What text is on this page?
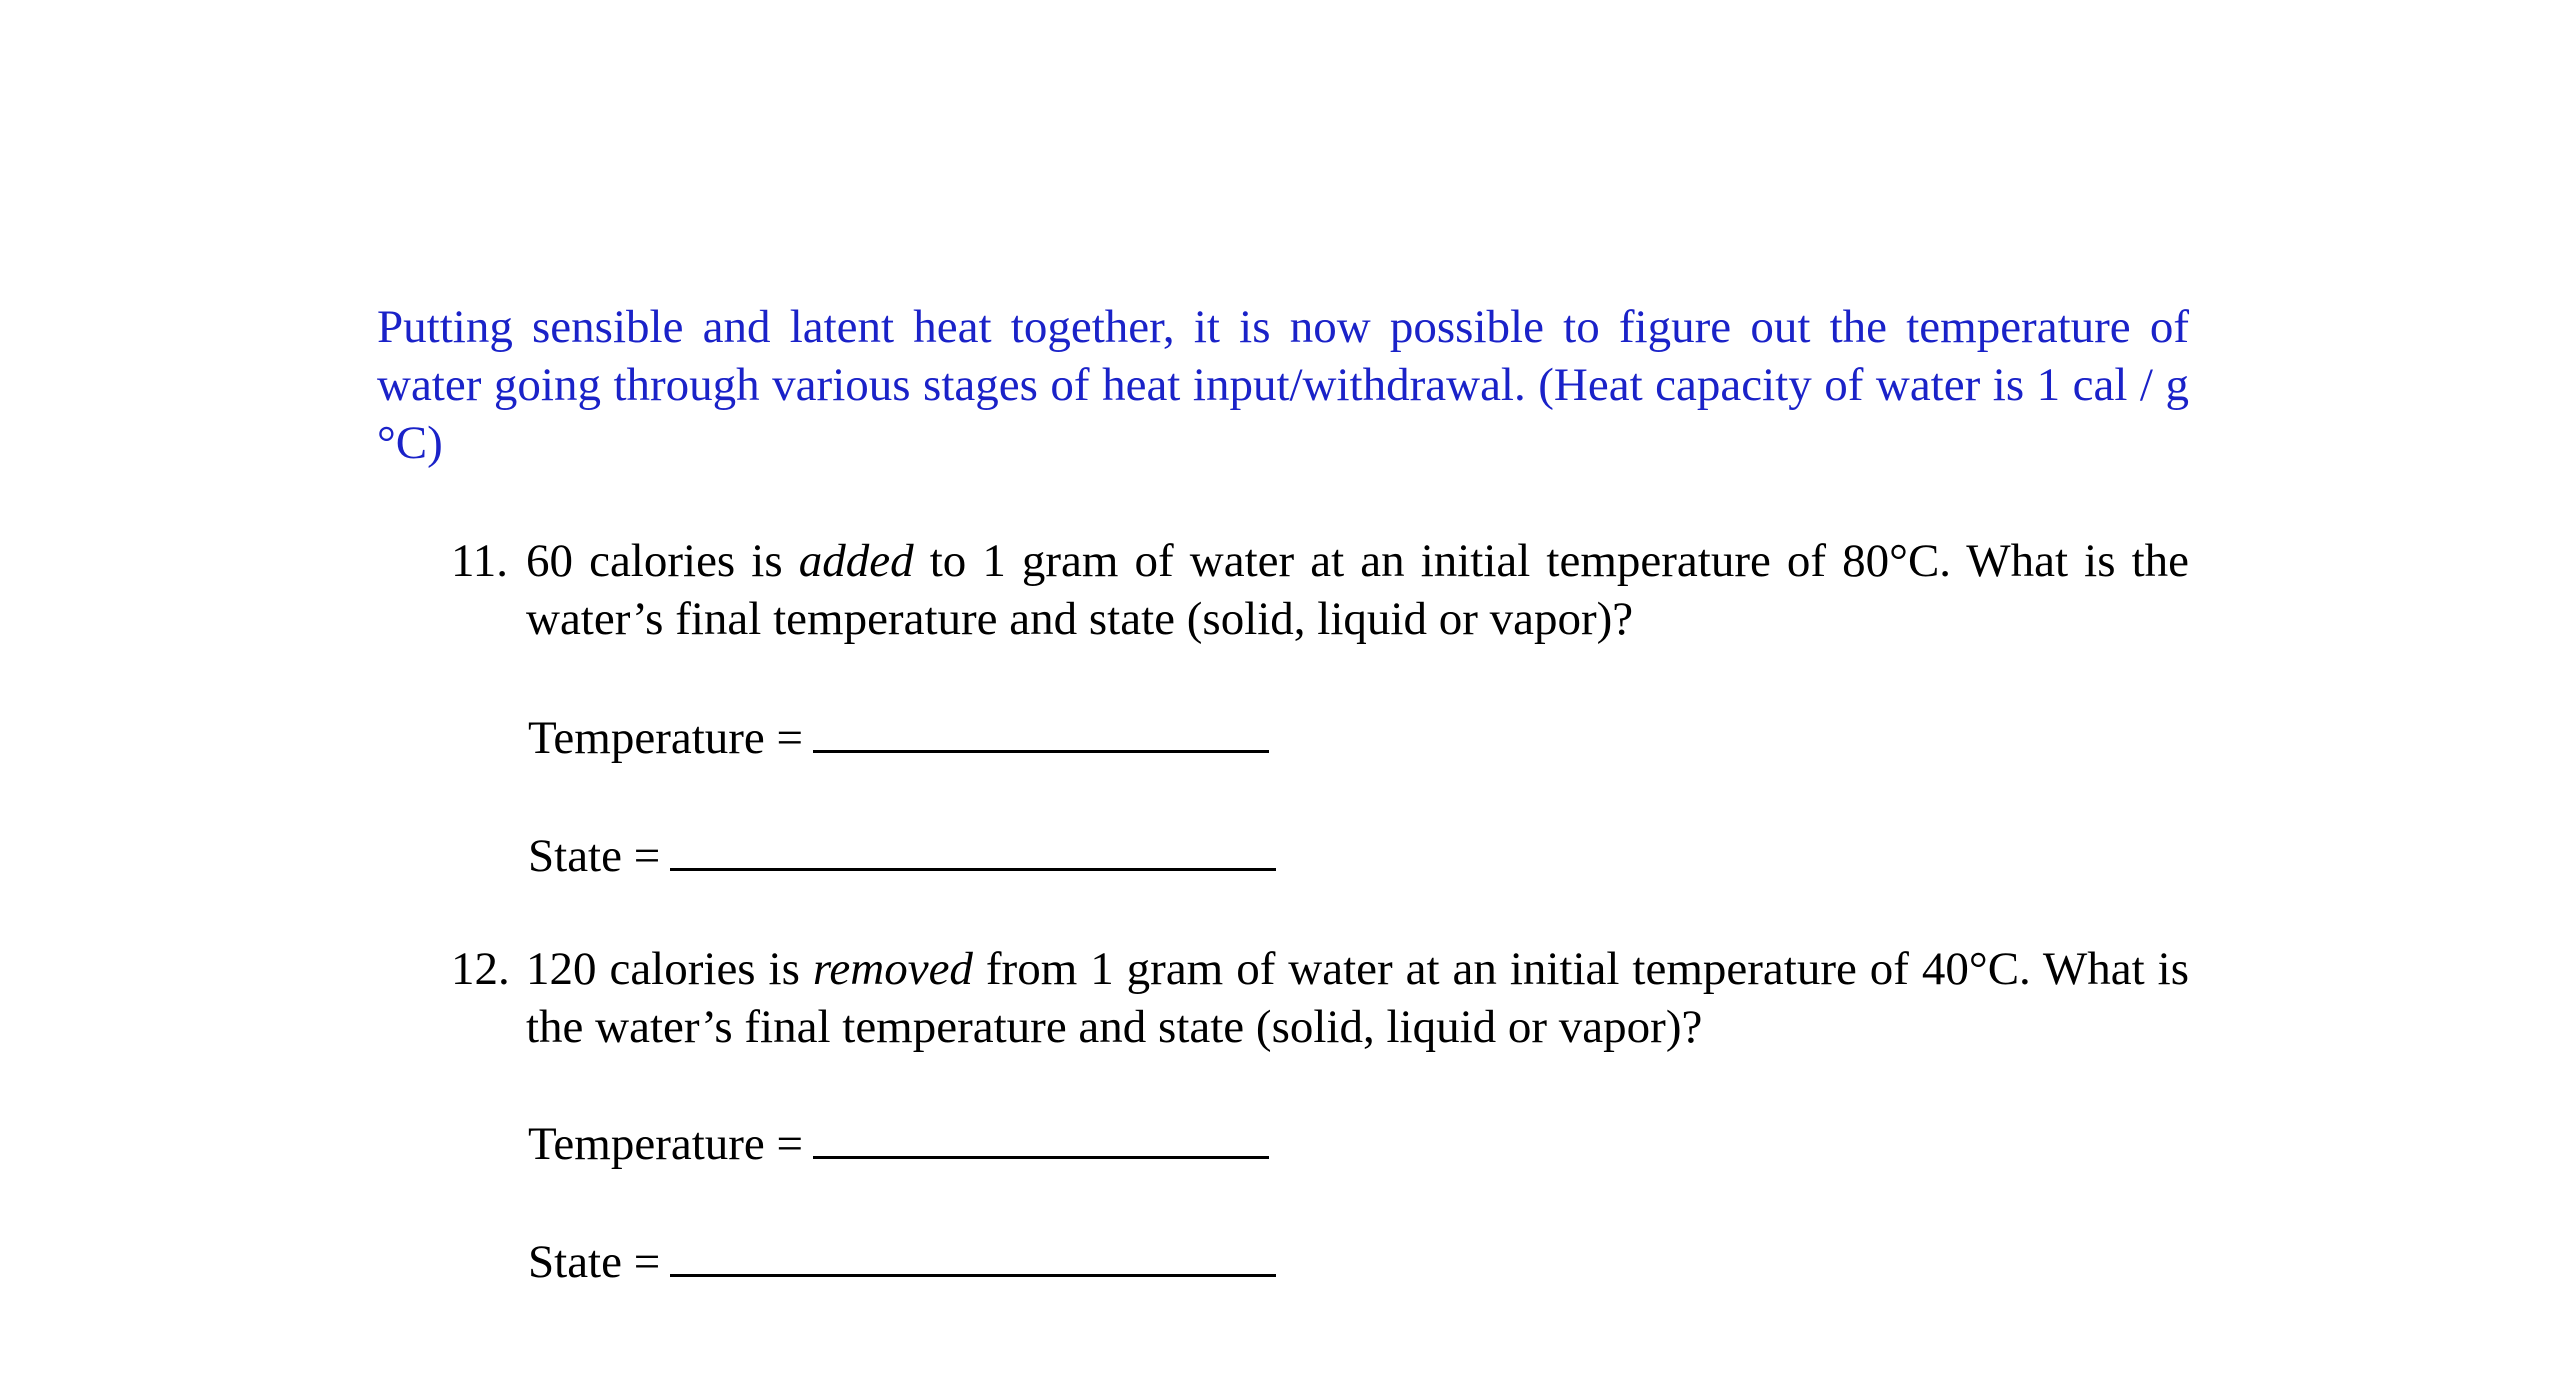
Putting sensible and latent heat together, it is now possible to figure out the temperature of water going through various stages of heat input/withdrawal. (Heat capacity of water is 1 cal / g °C)

11. 60 calories is added to 1 gram of water at an initial temperature of 80°C. What is the water’s final temperature and state (solid, liquid or vapor)?
Temperature =
State =
12. 120 calories is removed from 1 gram of water at an initial temperature of 40°C. What is the water’s final temperature and state (solid, liquid or vapor)?
Temperature =
State =
